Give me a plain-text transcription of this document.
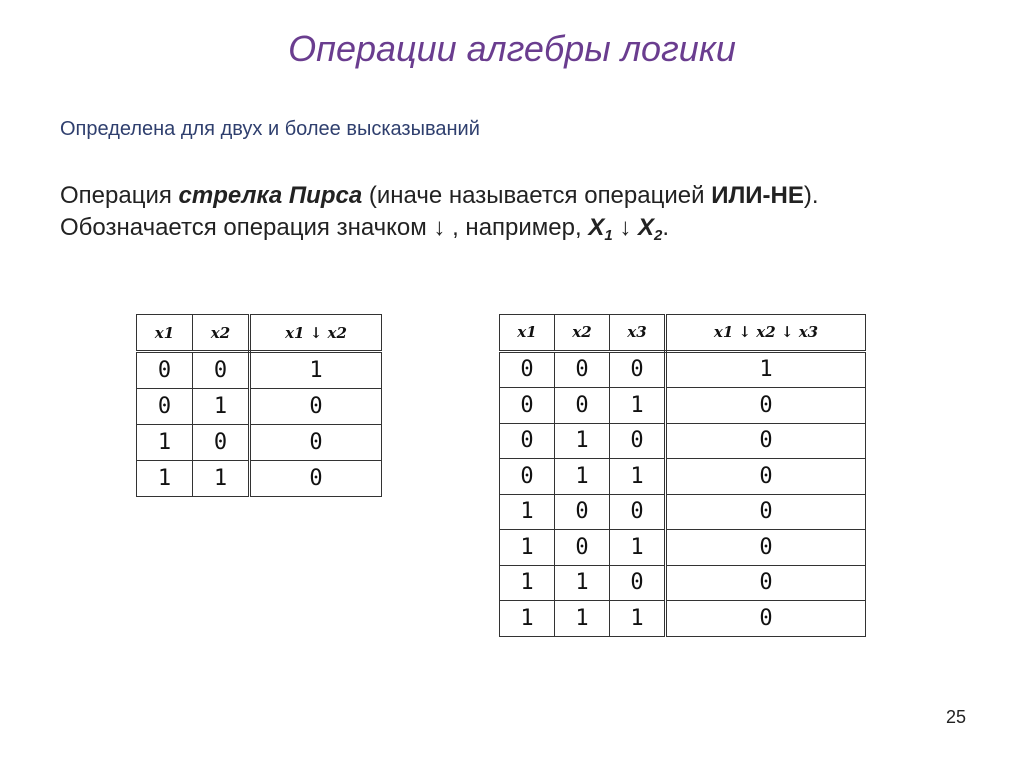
Операции алгебры логики
Определена для двух и более высказываний
Операция стрелка Пирса (иначе называется операцией ИЛИ-НЕ).
Обозначается операция значком ↓ , например, $X_1$ ↓ $X_2$.
x1	x2	x1 ↓ x2
0	0	1
0	1	0
1	0	0
1	1	0
x1	x2	x3	x1 ↓ x2 ↓ x3
0	0	0	1
0	0	1	0
0	1	0	0
0	1	1	0
1	0	0	0
1	0	1	0
1	1	0	0
1	1	1	0
25
